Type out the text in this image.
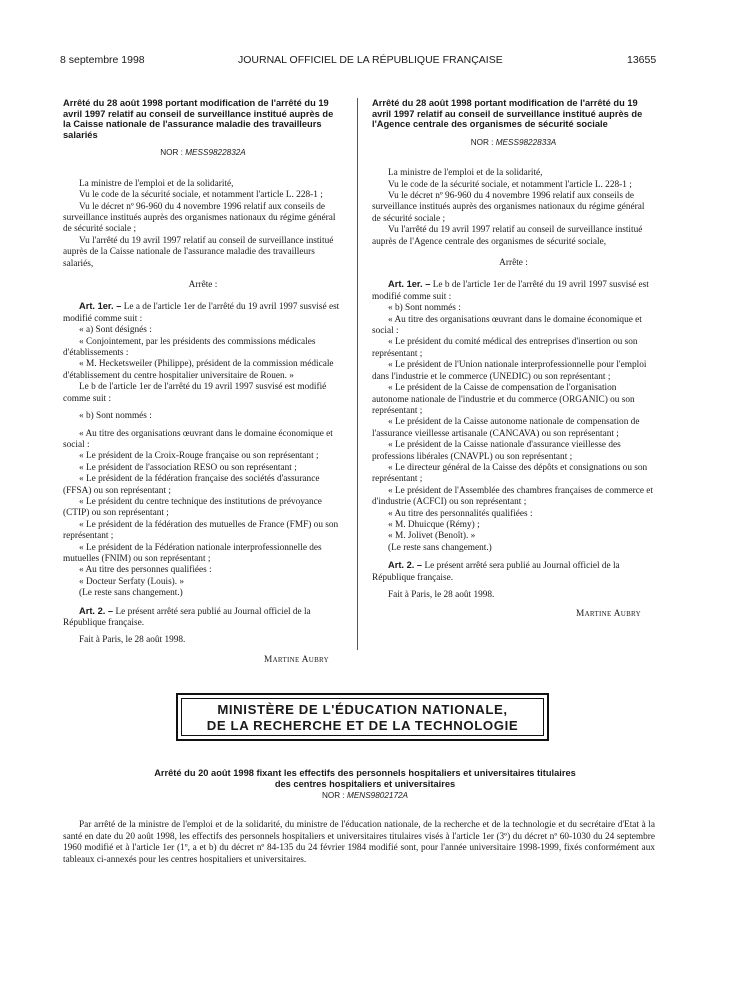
8 septembre 1998	JOURNAL OFFICIEL DE LA RÉPUBLIQUE FRANÇAISE	13655

Arrêté du 28 août 1998 portant modification de l'arrêté du 19 avril 1997 relatif au conseil de surveillance institué auprès de la Caisse nationale de l'assurance maladie des travailleurs salariés

NOR : MESS9822832A

La ministre de l'emploi et de la solidarité,

Vu le code de la sécurité sociale, et notamment l'article L. 228-1 ;

Vu le décret nº 96-960 du 4 novembre 1996 relatif aux conseils de surveillance institués auprès des organismes nationaux du régime général de sécurité sociale ;

Vu l'arrêté du 19 avril 1997 relatif au conseil de surveillance institué auprès de la Caisse nationale de l'assurance maladie des travailleurs salariés,

Arrête :

Art. 1er. – Le a de l'article 1er de l'arrêté du 19 avril 1997 susvisé est modifié comme suit :

« a) Sont désignés :

« Conjointement, par les présidents des commissions médicales d'établissements :

« M. Hecketsweiler (Philippe), président de la commission médicale d'établissement du centre hospitalier universitaire de Rouen. »

Le b de l'article 1er de l'arrêté du 19 avril 1997 susvisé est modifié comme suit :

« b) Sont nommés :

« Au titre des organisations œuvrant dans le domaine économique et social :

« Le président de la Croix-Rouge française ou son représentant ;

« Le président de l'association RESO ou son représentant ;

« Le président de la fédération française des sociétés d'assurance (FFSA) ou son représentant ;

« Le président du centre technique des institutions de prévoyance (CTIP) ou son représentant ;

« Le président de la fédération des mutuelles de France (FMF) ou son représentant ;

« Le président de la Fédération nationale interprofessionnelle des mutuelles (FNIM) ou son représentant ;

« Au titre des personnes qualifiées :

« Docteur Serfaty (Louis). »

(Le reste sans changement.)

Art. 2. – Le présent arrêté sera publié au Journal officiel de la République française.

Fait à Paris, le 28 août 1998.

Martine Aubry

Arrêté du 28 août 1998 portant modification de l'arrêté du 19 avril 1997 relatif au conseil de surveillance institué auprès de l'Agence centrale des organismes de sécurité sociale

NOR : MESS9822833A

La ministre de l'emploi et de la solidarité,

Vu le code de la sécurité sociale, et notamment l'article L. 228-1 ;

Vu le décret nº 96-960 du 4 novembre 1996 relatif aux conseils de surveillance institués auprès des organismes nationaux du régime général de sécurité sociale ;

Vu l'arrêté du 19 avril 1997 relatif au conseil de surveillance institué auprès de l'Agence centrale des organismes de sécurité sociale,

Arrête :

Art. 1er. – Le b de l'article 1er de l'arrêté du 19 avril 1997 susvisé est modifié comme suit :

« b) Sont nommés :

« Au titre des organisations œuvrant dans le domaine économique et social :

« Le président du comité médical des entreprises d'insertion ou son représentant ;

« Le président de l'Union nationale interprofessionnelle pour l'emploi dans l'industrie et le commerce (UNEDIC) ou son représentant ;

« Le président de la Caisse de compensation de l'organisation autonome nationale de l'industrie et du commerce (ORGANIC) ou son représentant ;

« Le président de la Caisse autonome nationale de compensation de l'assurance vieillesse artisanale (CANCAVA) ou son représentant ;

« Le président de la Caisse nationale d'assurance vieillesse des professions libérales (CNAVPL) ou son représentant ;

« Le directeur général de la Caisse des dépôts et consignations ou son représentant ;

« Le président de l'Assemblée des chambres françaises de commerce et d'industrie (ACFCI) ou son représentant ;

« Au titre des personnalités qualifiées :

« M. Dhuicque (Rémy) ;

« M. Jolivet (Benoît). »

(Le reste sans changement.)

Art. 2. – Le présent arrêté sera publié au Journal officiel de la République française.

Fait à Paris, le 28 août 1998.

Martine Aubry

MINISTÈRE DE L'ÉDUCATION NATIONALE,
DE LA RECHERCHE ET DE LA TECHNOLOGIE
Arrêté du 20 août 1998 fixant les effectifs des personnels hospitaliers et universitaires titulaires des centres hospitaliers et universitaires
NOR : MENS9802172A

Par arrêté de la ministre de l'emploi et de la solidarité, du ministre de l'éducation nationale, de la recherche et de la technologie et du secrétaire d'Etat à la santé en date du 20 août 1998, les effectifs des personnels hospitaliers et universitaires titulaires visés à l'article 1er (3º) du décret nº 60-1030 du 24 septembre 1960 modifié et à l'article 1er (1º, a et b) du décret nº 84-135 du 24 février 1984 modifié sont, pour l'année universitaire 1998-1999, fixés conformément aux tableaux ci-annexés pour les centres hospitaliers et universitaires.
